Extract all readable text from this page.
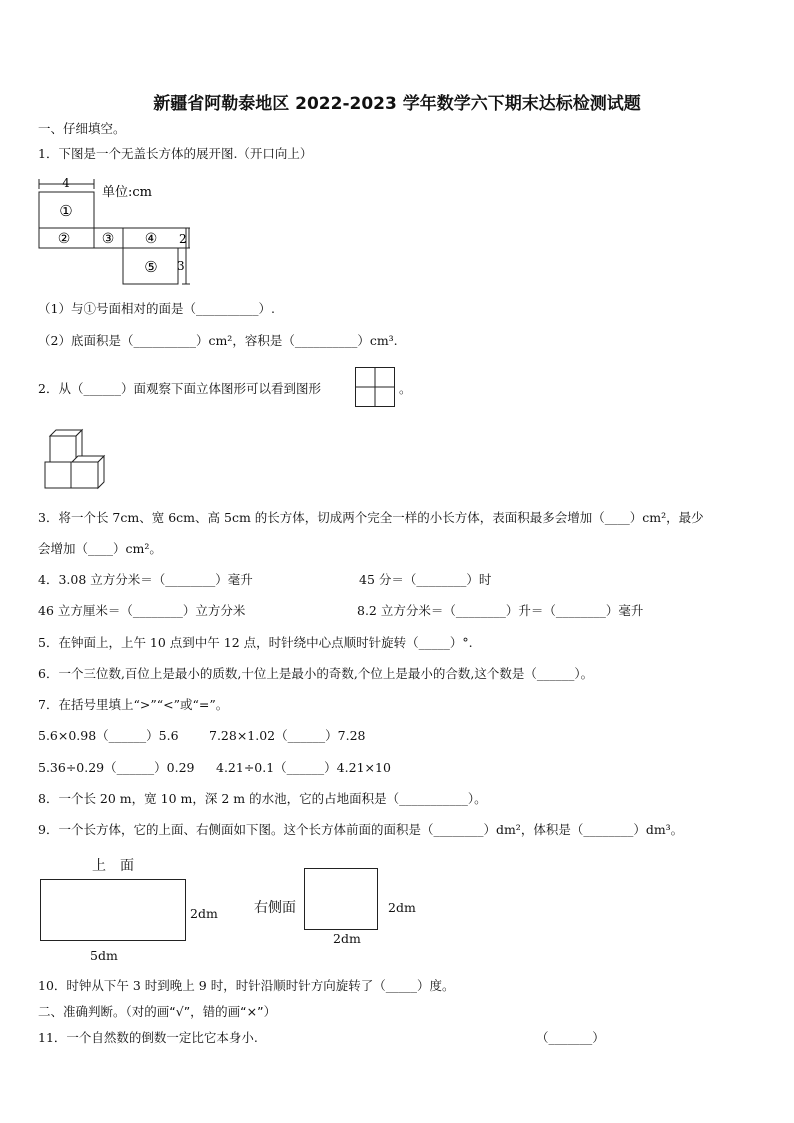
新疆省阿勒泰地区 2022-2023 学年数学六下期末达标检测试题
一、仔细填空。
1．下图是一个无盖长方体的展开图.（开口向上）
4
①
② ③ ④
⑤
2
3
单位:cm
（1）与①号面相对的面是（__________）.
（2）底面积是（__________）cm²，容积是（__________）cm³.
2．从（______）面观察下面立体图形可以看到图形	。
3．将一个长 7cm、宽 6cm、高 5cm 的长方体，切成两个完全一样的小长方体，表面积最多会增加（____）cm²，最少
会增加（____）cm²。
4．3.08 立方分米＝（________）毫升	45 分＝（________）时
46 立方厘米＝（________）立方分米	8.2 立方分米＝（________）升＝（________）毫升
5．在钟面上，上午 10 点到中午 12 点，时针绕中心点顺时针旋转（_____）°.
6．一个三位数,百位上是最小的质数,十位上是最小的奇数,个位上是最小的合数,这个数是（______）。
7．在括号里填上“>”“<”或“=”。
5.6×0.98（______）5.6 7.28×1.02（______）7.28
5.36÷0.29（______）0.29 4.21÷0.1（______）4.21×10
8．一个长 20 m，宽 10 m，深 2 m 的水池，它的占地面积是（___________）。
9．一个长方体，它的上面、右侧面如下图。这个长方体前面的面积是（________）dm²，体积是（________）dm³。
上　面
2dm
5dm
右侧面	2dm
2dm
10．时钟从下午 3 时到晚上 9 时，时针沿顺时针方向旋转了（_____）度。
二、准确判断。（对的画“√”，错的画“×”）
11．一个自然数的倒数一定比它本身小.	（_______）
